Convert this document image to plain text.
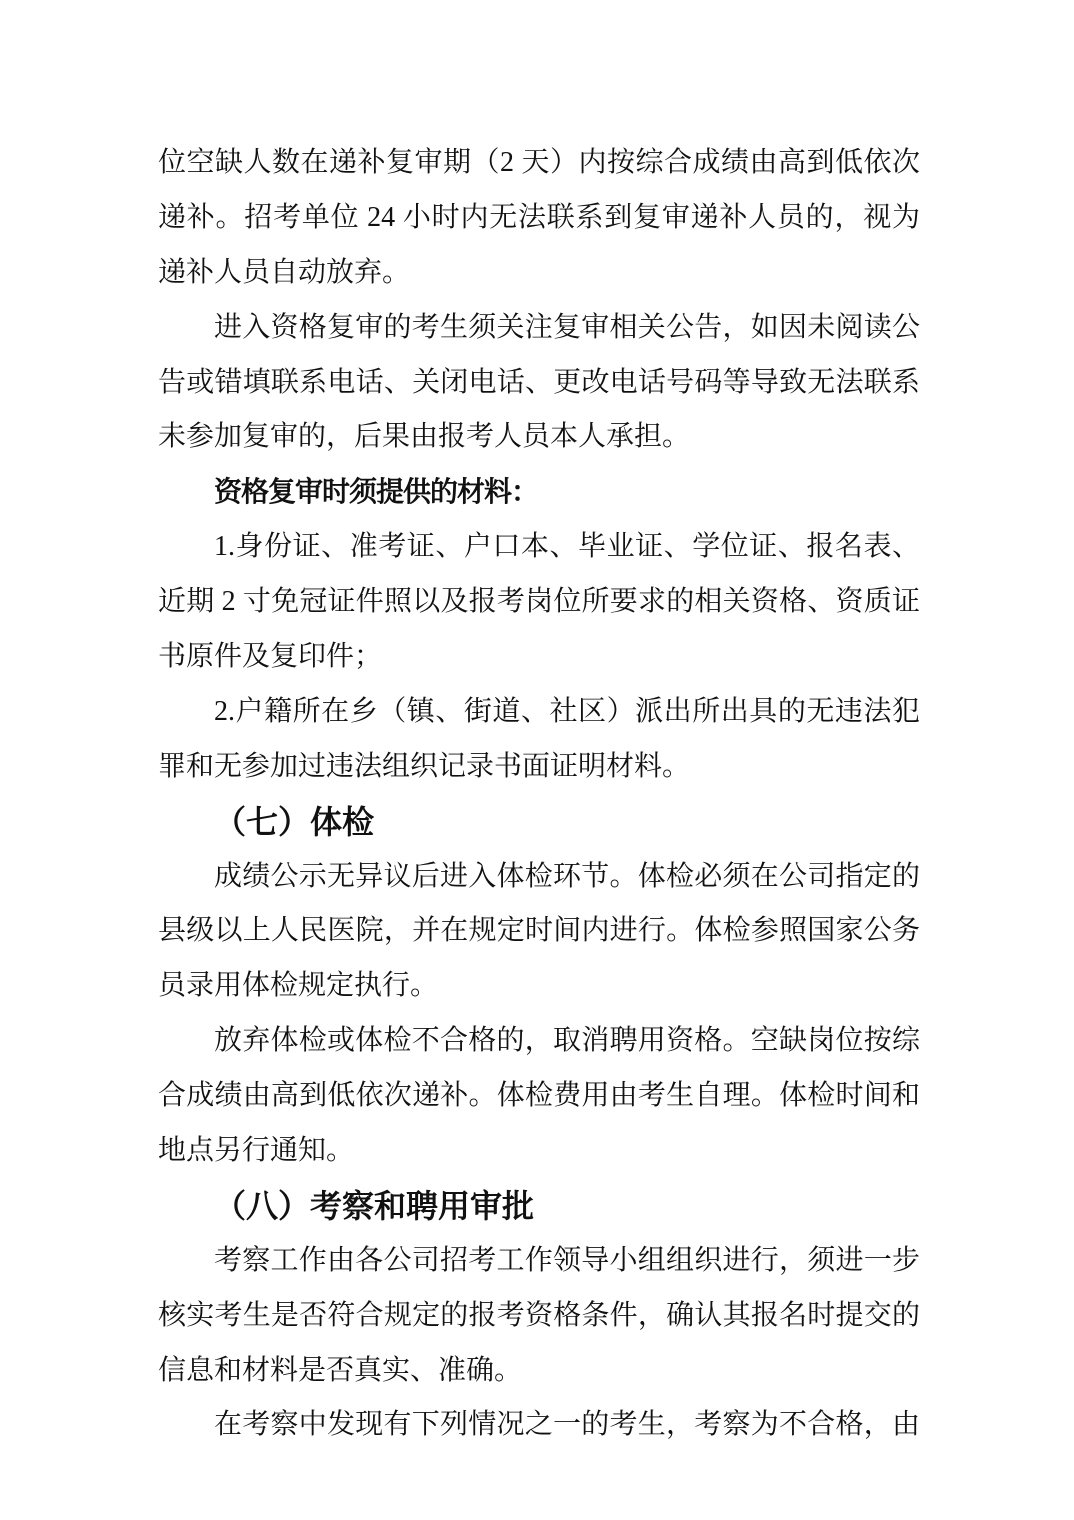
位空缺人数在递补复审期（2 天）内按综合成绩由高到低依次

递补。招考单位 24 小时内无法联系到复审递补人员的，视为

递补人员自动放弃。

进入资格复审的考生须关注复审相关公告，如因未阅读公

告或错填联系电话、关闭电话、更改电话号码等导致无法联系

未参加复审的，后果由报考人员本人承担。

资格复审时须提供的材料：

1.身份证、准考证、户口本、毕业证、学位证、报名表、

近期 2 寸免冠证件照以及报考岗位所要求的相关资格、资质证

书原件及复印件；

2.户籍所在乡（镇、街道、社区）派出所出具的无违法犯

罪和无参加过违法组织记录书面证明材料。

（七）体检

成绩公示无异议后进入体检环节。体检必须在公司指定的

县级以上人民医院，并在规定时间内进行。体检参照国家公务

员录用体检规定执行。

放弃体检或体检不合格的，取消聘用资格。空缺岗位按综

合成绩由高到低依次递补。体检费用由考生自理。体检时间和

地点另行通知。

（八）考察和聘用审批

考察工作由各公司招考工作领导小组组织进行，须进一步

核实考生是否符合规定的报考资格条件，确认其报名时提交的

信息和材料是否真实、准确。

在考察中发现有下列情况之一的考生，考察为不合格，由
